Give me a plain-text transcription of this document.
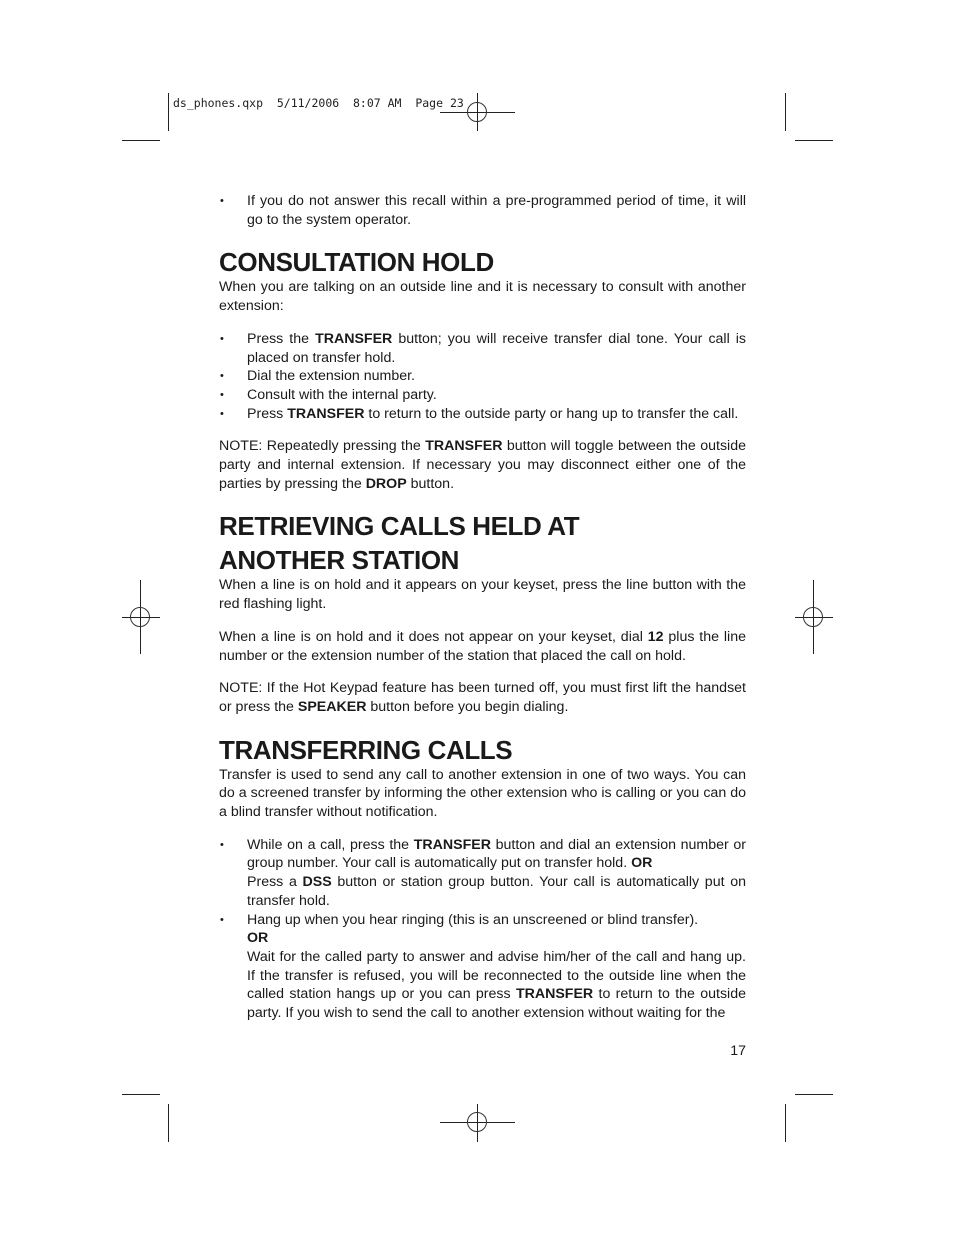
ds_phones.qxp  5/11/2006  8:07 AM  Page 23
• If you do not answer this recall within a pre-programmed period of time, it will go to the system operator.
CONSULTATION HOLD

When you are talking on an outside line and it is necessary to consult with another extension:

• Press the TRANSFER button; you will receive transfer dial tone. Your call is placed on transfer hold.
• Dial the extension number.
• Consult with the internal party.
• Press TRANSFER to return to the outside party or hang up to transfer the call.

NOTE: Repeatedly pressing the TRANSFER button will toggle between the outside party and internal extension. If necessary you may disconnect either one of the parties by pressing the DROP button.

RETRIEVING CALLS HELD AT
ANOTHER STATION

When a line is on hold and it appears on your keyset, press the line button with the red flashing light.

When a line is on hold and it does not appear on your keyset, dial 12 plus the line number or the extension number of the station that placed the call on hold.

NOTE: If the Hot Keypad feature has been turned off, you must first lift the handset or press the SPEAKER button before you begin dialing.

TRANSFERRING CALLS

Transfer is used to send any call to another extension in one of two ways. You can do a screened transfer by informing the other extension who is calling or you can do a blind transfer without notification.

• While on a call, press the TRANSFER button and dial an extension number or group number. Your call is automatically put on transfer hold. OR
Press a DSS button or station group button. Your call is automatically put on transfer hold.
• Hang up when you hear ringing (this is an unscreened or blind transfer).
OR
Wait for the called party to answer and advise him/her of the call and hang up. If the transfer is refused, you will be reconnected to the outside line when the called station hangs up or you can press TRANSFER to return to the outside party. If you wish to send the call to another extension without waiting for the
17
